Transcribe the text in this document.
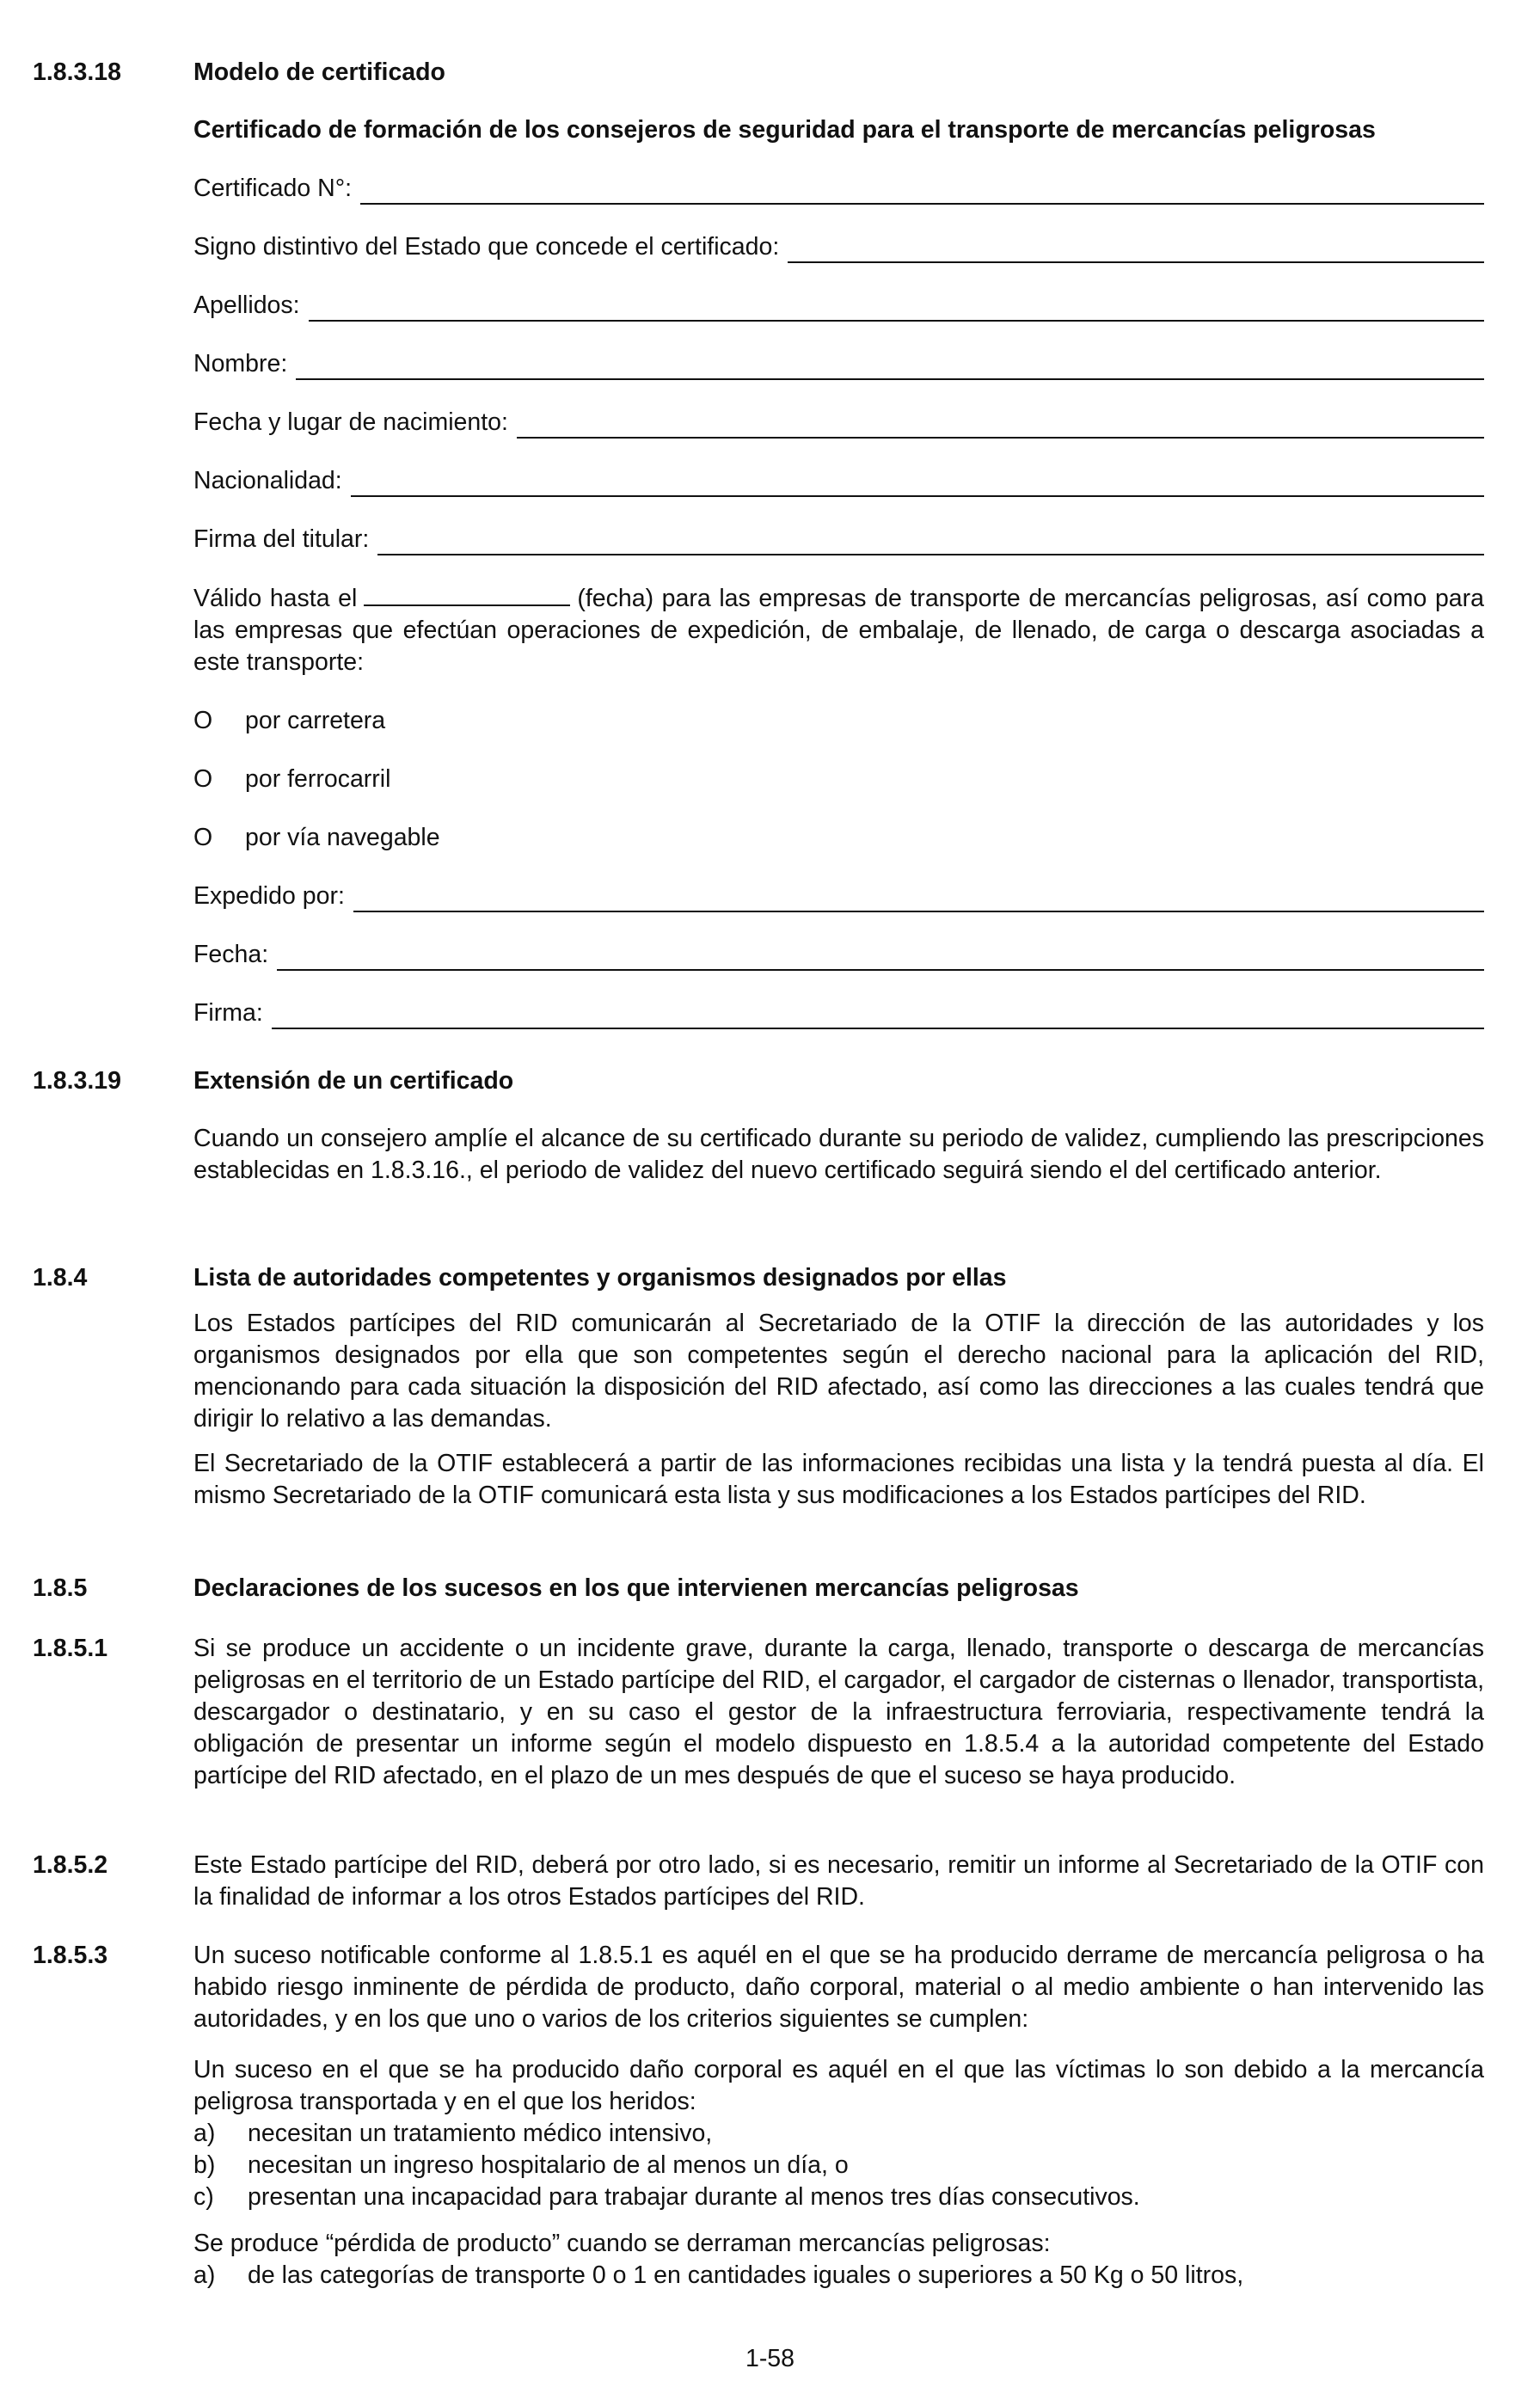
1.8.3.18	Modelo de certificado
Certificado de formación de los consejeros de seguridad para el transporte de mercancías peligrosas
Certificado N°:
Signo distintivo del Estado que concede el certificado:
Apellidos:
Nombre:
Fecha y lugar de nacimiento:
Nacionalidad:
Firma del titular:

Válido hasta el	(fecha) para las empresas de transporte de mercancías peligrosas, así como para las empresas que efectúan operaciones de expedición, de embalaje, de llenado, de carga o descarga asociadas a este transporte:

O	por carretera
O	por ferrocarril
O	por vía navegable
Expedido por:
Fecha:
Firma:
1.8.3.19	Extensión de un certificado

Cuando un consejero amplíe el alcance de su certificado durante su periodo de validez, cumpliendo las prescripciones establecidas en 1.8.3.16., el periodo de validez del nuevo certificado seguirá siendo el del certificado anterior.

1.8.4	Lista de autoridades competentes y organismos designados por ellas

Los Estados partícipes del RID comunicarán al Secretariado de la OTIF la dirección de las autoridades y los organismos designados por ella que son competentes según el derecho nacional para la aplicación del RID, mencionando para cada situación la disposición del RID afectado, así como las direcciones a las cuales tendrá que dirigir lo relativo a las demandas.

El Secretariado de la OTIF establecerá a partir de las informaciones recibidas una lista y la tendrá puesta al día. El mismo Secretariado de la OTIF comunicará esta lista y sus modificaciones a los Estados partícipes del RID.

1.8.5	Declaraciones de los sucesos en los que intervienen mercancías peligrosas
1.8.5.1	Si se produce un accidente o un incidente grave, durante la carga, llenado, transporte o descarga de mercancías peligrosas en el territorio de un Estado partícipe del RID, el cargador, el cargador de cisternas o llenador, transportista, descargador o destinatario, y en su caso el gestor de la infraestructura ferroviaria, respectivamente tendrá la obligación de presentar un informe según el modelo dispuesto en 1.8.5.4 a la autoridad competente del Estado partícipe del RID afectado, en el plazo de un mes después de que el suceso se haya producido.

1.8.5.2	Este Estado partícipe del RID, deberá por otro lado, si es necesario, remitir un informe al Secretariado de la OTIF con la finalidad de informar a los otros Estados partícipes del RID.

1.8.5.3	Un suceso notificable conforme al 1.8.5.1 es aquél en el que se ha producido derrame de mercancía peligrosa o ha habido riesgo inminente de pérdida de producto, daño corporal, material o al medio ambiente o han intervenido las autoridades, y en los que uno o varios de los criterios siguientes se cumplen:

Un suceso en el que se ha producido daño corporal es aquél en el que las víctimas lo son debido a la mercancía peligrosa transportada y en el que los heridos:

a)	necesitan un tratamiento médico intensivo,
b)	necesitan un ingreso hospitalario de al menos un día, o
c)	presentan una incapacidad para trabajar durante al menos tres días consecutivos.

Se produce “pérdida de producto” cuando se derraman mercancías peligrosas:

a)	de las categorías de transporte 0 o 1 en cantidades iguales o superiores a 50 Kg o 50 litros,
1-58
